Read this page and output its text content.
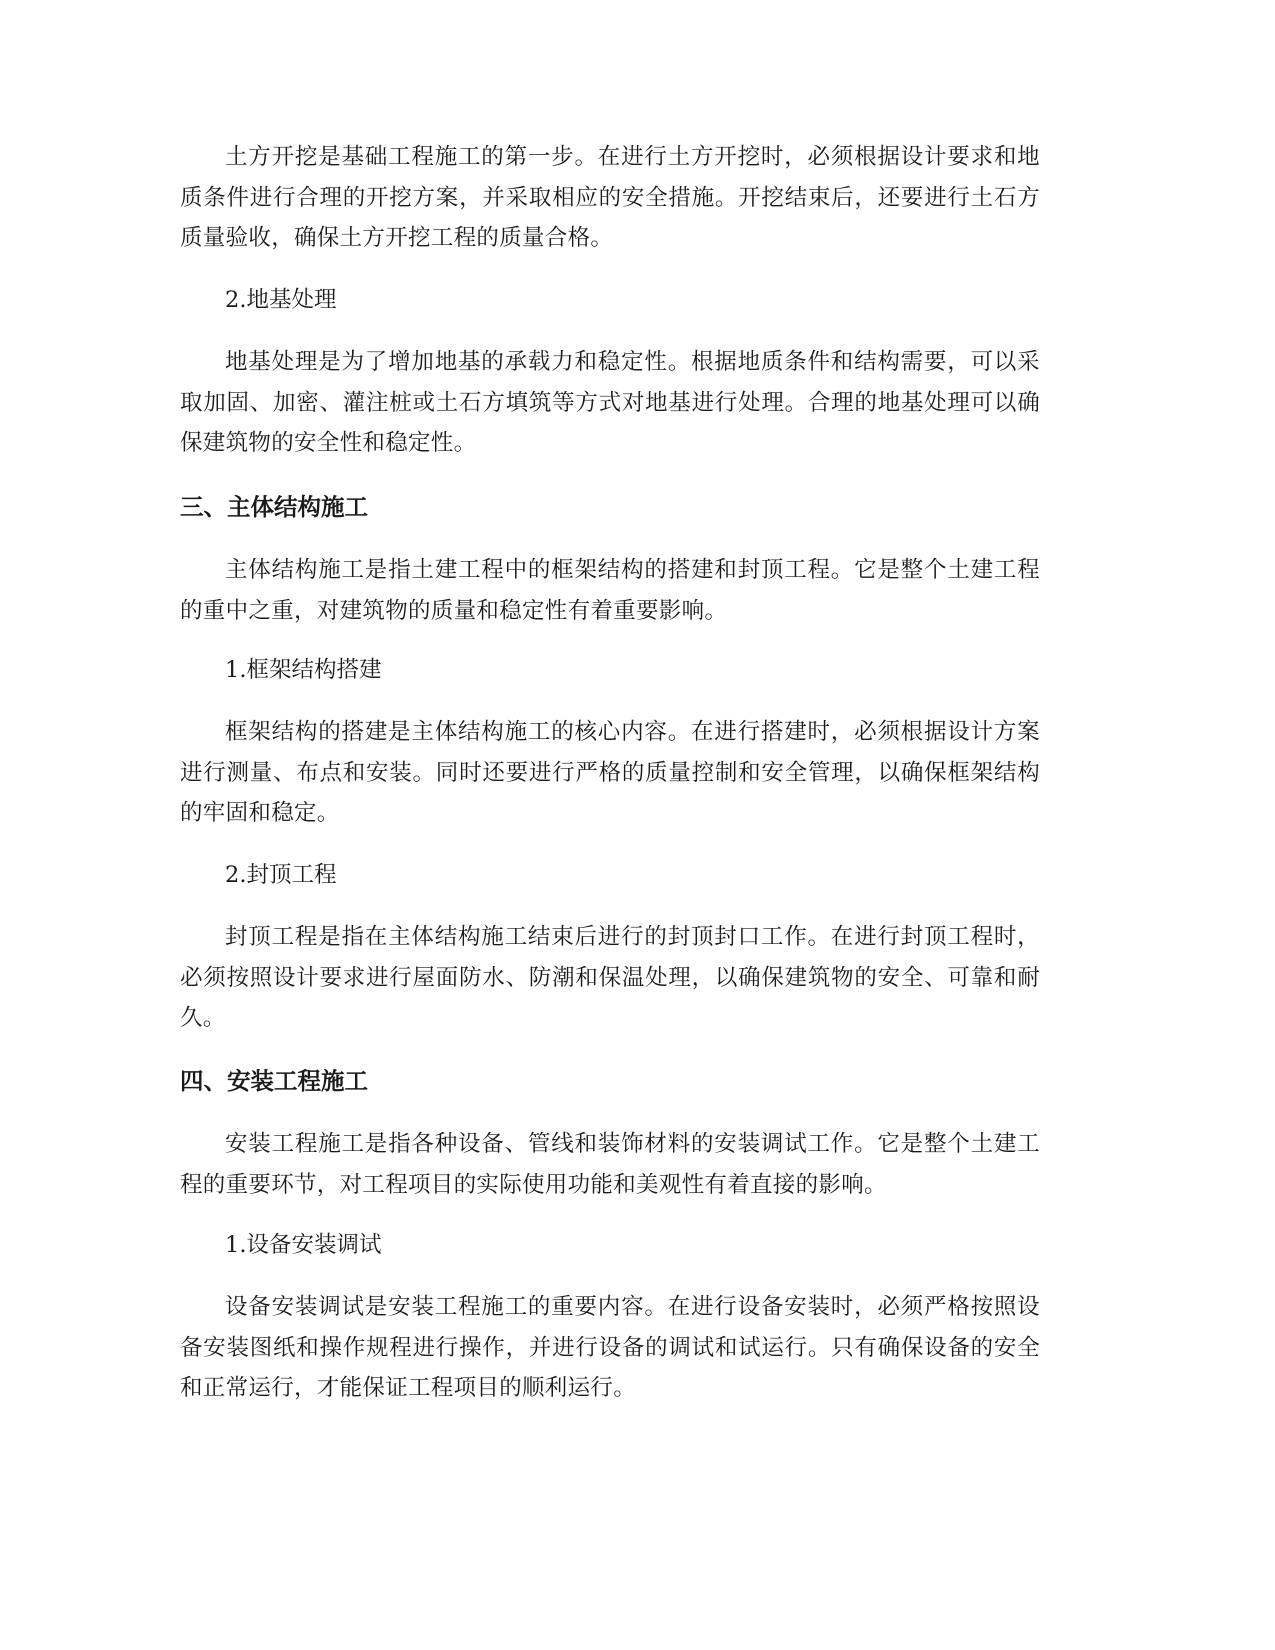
土方开挖是基础工程施工的第一步。在进行土方开挖时，必须根据设计要求和地质条件进行合理的开挖方案，并采取相应的安全措施。开挖结束后，还要进行土石方质量验收，确保土方开挖工程的质量合格。

2.地基处理

地基处理是为了增加地基的承载力和稳定性。根据地质条件和结构需要，可以采取加固、加密、灌注桩或土石方填筑等方式对地基进行处理。合理的地基处理可以确保建筑物的安全性和稳定性。

三、主体结构施工

主体结构施工是指土建工程中的框架结构的搭建和封顶工程。它是整个土建工程的重中之重，对建筑物的质量和稳定性有着重要影响。

1.框架结构搭建

框架结构的搭建是主体结构施工的核心内容。在进行搭建时，必须根据设计方案进行测量、布点和安装。同时还要进行严格的质量控制和安全管理，以确保框架结构的牢固和稳定。

2.封顶工程

封顶工程是指在主体结构施工结束后进行的封顶封口工作。在进行封顶工程时，必须按照设计要求进行屋面防水、防潮和保温处理，以确保建筑物的安全、可靠和耐久。

四、安装工程施工

安装工程施工是指各种设备、管线和装饰材料的安装调试工作。它是整个土建工程的重要环节，对工程项目的实际使用功能和美观性有着直接的影响。

1.设备安装调试

设备安装调试是安装工程施工的重要内容。在进行设备安装时，必须严格按照设备安装图纸和操作规程进行操作，并进行设备的调试和试运行。只有确保设备的安全和正常运行，才能保证工程项目的顺利运行。
